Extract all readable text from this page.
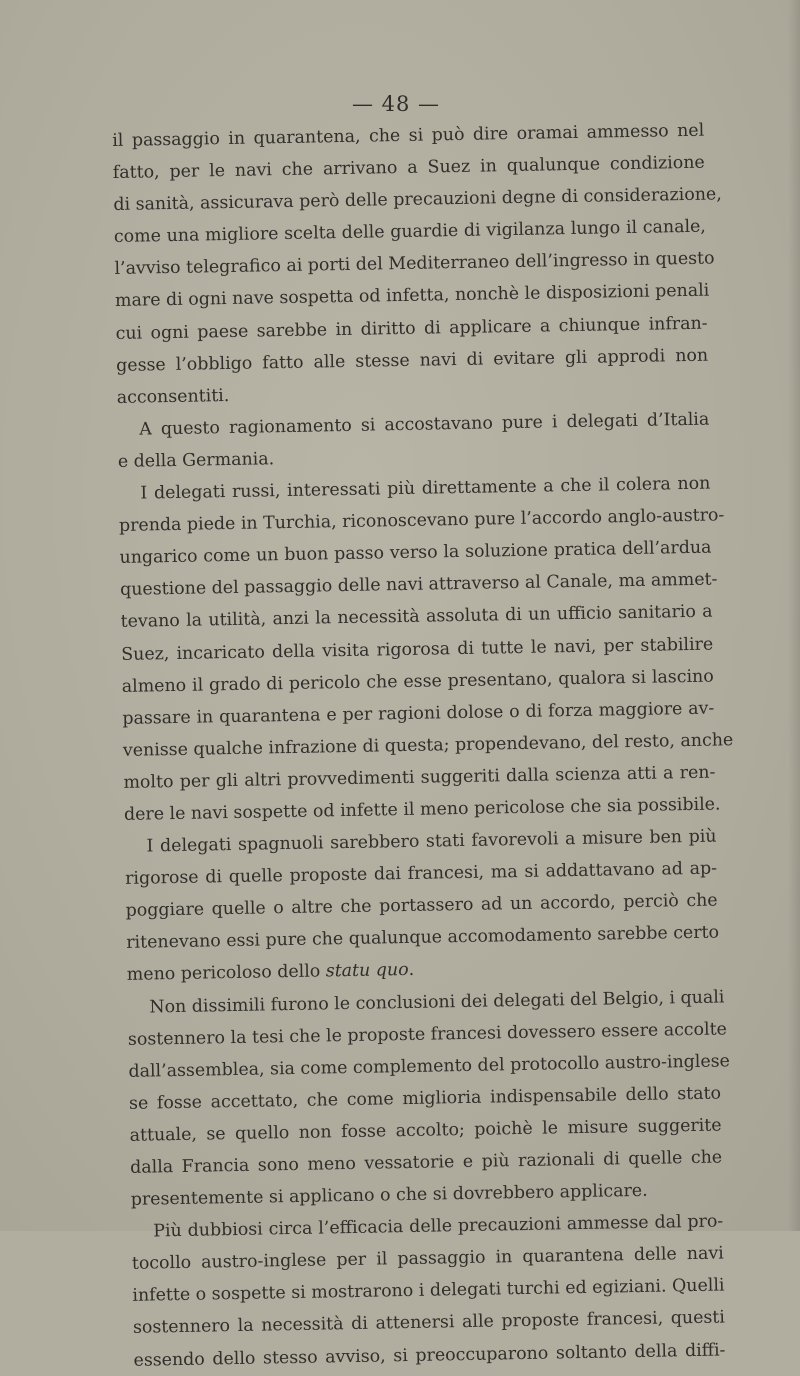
— 48 —
il passaggio in quarantena, che si può dire oramai ammesso nel
fatto, per le navi che arrivano a Suez in qualunque condizione
di sanità, assicurava però delle precauzioni degne di considerazione,
come una migliore scelta delle guardie di vigilanza lungo il canale,
l’avviso telegrafico ai porti del Mediterraneo dell’ingresso in questo
mare di ogni nave sospetta od infetta, nonchè le disposizioni penali
cui ogni paese sarebbe in diritto di applicare a chiunque infran-
gesse l’obbligo fatto alle stesse navi di evitare gli approdi non
acconsentiti.
A questo ragionamento si accostavano pure i delegati d’Italia
e della Germania.
I delegati russi, interessati più direttamente a che il colera non
prenda piede in Turchia, riconoscevano pure l’accordo anglo-austro-
ungarico come un buon passo verso la soluzione pratica dell’ardua
questione del passaggio delle navi attraverso al Canale, ma ammet-
tevano la utilità, anzi la necessità assoluta di un ufficio sanitario a
Suez, incaricato della visita rigorosa di tutte le navi, per stabilire
almeno il grado di pericolo che esse presentano, qualora si lascino
passare in quarantena e per ragioni dolose o di forza maggiore av-
venisse qualche infrazione di questa; propendevano, del resto, anche
molto per gli altri provvedimenti suggeriti dalla scienza atti a ren-
dere le navi sospette od infette il meno pericolose che sia possibile.
I delegati spagnuoli sarebbero stati favorevoli a misure ben più
rigorose di quelle proposte dai francesi, ma si addattavano ad ap-
poggiare quelle o altre che portassero ad un accordo, perciò che
ritenevano essi pure che qualunque accomodamento sarebbe certo
meno pericoloso dello statu quo.
Non dissimili furono le conclusioni dei delegati del Belgio, i quali
sostennero la tesi che le proposte francesi dovessero essere accolte
dall’assemblea, sia come complemento del protocollo austro-inglese
se fosse accettato, che come miglioria indispensabile dello stato
attuale, se quello non fosse accolto; poichè le misure suggerite
dalla Francia sono meno vessatorie e più razionali di quelle che
presentemente si applicano o che si dovrebbero applicare.
Più dubbiosi circa l’efficacia delle precauzioni ammesse dal pro-
tocollo austro-inglese per il passaggio in quarantena delle navi
infette o sospette si mostrarono i delegati turchi ed egiziani. Quelli
sostennero la necessità di attenersi alle proposte francesi, questi
essendo dello stesso avviso, si preoccuparono soltanto della diffi-
